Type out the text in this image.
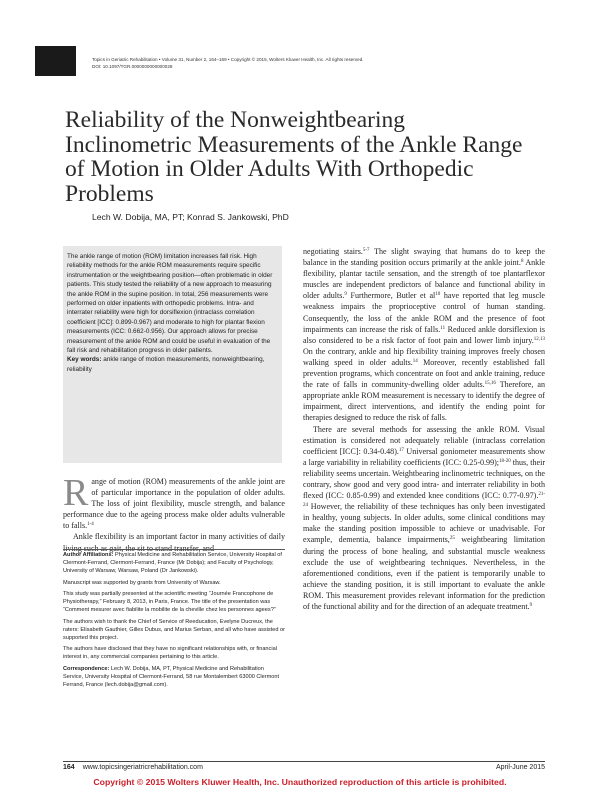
Topics in Geriatric Rehabilitation • Volume 31, Number 2, 164–169 • Copyright © 2015, Wolters Kluwer Health, Inc. All rights reserved.
DOI: 10.1097/TGR.0000000000000028
Reliability of the Nonweightbearing Inclinometric Measurements of the Ankle Range of Motion in Older Adults With Orthopedic Problems
Lech W. Dobija, MA, PT; Konrad S. Jankowski, PhD

The ankle range of motion (ROM) limitation increases fall risk. High reliability methods for the ankle ROM measurements require specific instrumentation or the weightbearing position—often problematic in older patients. This study tested the reliability of a new approach to measuring the ankle ROM in the supine position. In total, 256 measurements were performed on older inpatients with orthopedic problems. Intra- and interrater reliability were high for dorsiflexion (intraclass correlation coefficient [ICC]: 0.899-0.967) and moderate to high for plantar flexion measurements (ICC: 0.662-0.956). Our approach allows for precise measurement of the ankle ROM and could be useful in evaluation of the fall risk and rehabilitation progress in older patients.

Key words: ankle range of motion measurements, nonweightbearing, reliability

Range of motion (ROM) measurements of the ankle joint are of particular importance in the population of older adults. The loss of joint flexibility, muscle strength, and balance performance due to the ageing process make older adults vulnerable to falls.$^{1-4}$

Ankle flexibility is an important factor in many activities of daily living such as gait, the sit to stand transfer, and

Author Affiliations: Physical Medicine and Rehabilitation Service, University Hospital of Clermont-Ferrand, Clermont-Ferrand, France (Mr Dobija); and Faculty of Psychology, University of Warsaw, Warsaw, Poland (Dr Jankowski).

Manuscript was supported by grants from University of Warsaw.

This study was partially presented at the scientific meeting “Journée Francophone de Physiotherapy,” February 8, 2013, in Paris, France. The title of the presentation was “Comment mesurer avec fiabilite la mobilite de la cheville chez les personnes agees?”

The authors wish to thank the Chief of Service of Reeducation, Evelyne Ducreux, the raters: Elisabeth Gauthier, Gilles Dubus, and Marius Serban, and all who have assisted or supported this project.

The authors have disclosed that they have no significant relationships with, or financial interest in, any commercial companies pertaining to this article.

Correspondence: Lech W. Dobija, MA, PT, Physical Medicine and Rehabilitation Service, University Hospital of Clermont-Ferrand, 58 rue Montalembert 63000 Clermont Ferrand, France (lech.dobija@gmail.com).

negotiating stairs.$^{5-7}$ The slight swaying that humans do to keep the balance in the standing position occurs primarily at the ankle joint.$^8$ Ankle flexibility, plantar tactile sensation, and the strength of toe plantarflexor muscles are independent predictors of balance and functional ability in older adults.$^9$ Furthermore, Butler et $al^{10}$ have reported that leg muscle weakness impairs the proprioceptive control of human standing. Consequently, the loss of the ankle ROM and the presence of foot impairments can increase the risk of falls.$^{11}$ Reduced ankle dorsiflexion is also considered to be a risk factor of foot pain and lower limb injury.$^{12,13}$ On the contrary, ankle and hip flexibility training improves freely chosen walking speed in older adults.$^{14}$ Moreover, recently established fall prevention programs, which concentrate on foot and ankle training, reduce the rate of falls in community-dwelling older adults.$^{15,16}$ Therefore, an appropriate ankle ROM measurement is necessary to identify the degree of impairment, direct interventions, and identify the ending point for therapies designed to reduce the risk of falls.

There are several methods for assessing the ankle ROM. Visual estimation is considered not adequately reliable (intraclass correlation coefficient [ICC]: 0.34-0.48).$^{17}$ Universal goniometer measurements show a large variability in reliability coefficients (ICC: 0.25-0.99);$^{18-20}$ thus, their reliability seems uncertain. Weightbearing inclinometric techniques, on the contrary, show good and very good intra- and interrater reliability in both flexed (ICC: 0.85-0.99) and extended knee conditions (ICC: 0.77-0.97).$^{21-24}$ However, the reliability of these techniques has only been investigated in healthy, young subjects. In older adults, some clinical conditions may make the standing position impossible to achieve or unadvisable. For example, dementia, balance impairments,$^{25}$ weightbearing limitation during the process of bone healing, and substantial muscle weakness exclude the use of weightbearing techniques. Nevertheless, in the aforementioned conditions, even if the patient is temporarily unable to achieve the standing position, it is still important to evaluate the ankle ROM. This measurement provides relevant information for the prediction of the functional ability and for the direction of an adequate treatment.$^9$

164 www.topicsingeriatricrehabilitation.com	April-June 2015
Copyright © 2015 Wolters Kluwer Health, Inc. Unauthorized reproduction of this article is prohibited.
